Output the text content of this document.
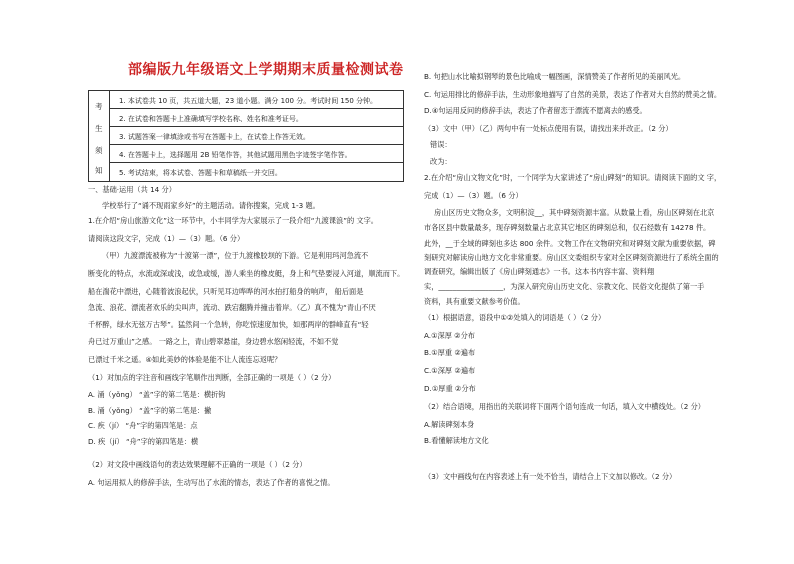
部编版九年级语文上学期期末质量检测试卷
考
生
须
知
1. 本试卷共 10 页，共五道大题，23 道小题。满分 100 分。考试时间 150 分钟。
2. 在试卷和答题卡上准确填写学校名称、姓名和准考证号。
3. 试题答案一律填涂或书写在答题卡上，在试卷上作答无效。
4. 在答题卡上，选择题用 2B 铅笔作答，其他试题用黑色字迹签字笔作答。
5. 考试结束，将本试卷、答题卡和草稿纸一并交回。
一、基础·运用（共 14 分）
学校举行了“诵不现雨家乡好”的主题活动。请你搜案，完成 1-3 题。
1.在介绍“房山旅游文化”这一环节中，小丰同学为大家展示了一段介绍“九渡课浪”的 文字。
请阅读这段文字，完成（1）—（3）题。（6 分）
（甲）九渡漂流被称为“十渡第一漂”，位于九渡橡胶坝的下游。它是利用玛河急流不
断变化的特点，水流或深或浅，或急或缓，游人乘坐的橡皮艇，身上和气垫要浸入河道，顺流而下。
船在湍花中漂进，心随着波浪起伏，只听见耳边哗哗的河水拍打船身的响声， 船后面是
急流、浪花、漂流者欢乐的尖叫声，流动、跌宕翻腾并撞击着岸。（乙）真不愧为“青山不厌
千杯醉，绿水无弦万古琴”。猛然间一个急转，你吃惊速度加快，如那两岸的群峰直有“轻
舟已过万重山”之感。 一路之上，青山碧翠悬崖，身边碧水悠闲轻流，不如不觉
已漂过千米之遥。④如此美妙的体验是能不让人流连忘返呢？
（1）对加点的字注音和画线字笔顺作出判断，全部正确的一项是（ ）（2 分）
A. 涌（yǒng） “盖”字的第二笔是：横折钩
B. 涌（yǒng） “盖”字的第二笔是：撇
C. 疾（jí） “舟”字的第四笔是：点
D. 疾（jí） “舟”字的第四笔是：横
（2）对文段中画线语句的表达效果理解不正确的一项是（ ）（2 分）
A. 句运用拟人的修辞手法，生动写出了水流的情态，表达了作者的喜悦之情。
B. 句把山水比喻拟钢琴的景色比喻成一幅图画，深情赞美了作者所见的美丽风光。
C. 句运用排比的修辞手法，生动形象地描写了自然的美景，表达了作者对大自然的赞美之情。
D.④句运用反问的修辞手法，表达了作者留恋于漂流不愿离去的感受。
（3）文中（甲）（乙）两句中有一处标点使用有误，请找出来并改正。（2 分）
错误：
改为：
2.在介绍“房山文物文化”时，一个同学为大家讲述了“房山碑刻”的知识。请阅读下面的文 字，
完成（1）—（3）题。（6 分）
房山区历史文物众多，文明积淀__，其中碑刻资源丰富。从数量上看，房山区碑刻在北京
市各区县中数量最多，现存碑刻数量占北京其它地区的碑刻总和，仅石经数有 14278 件。
此外，__于全域的碑刻也多达 800 余件。文物工作在文物研究和对碑刻文献为重要依据，碑
刻研究对解读房山地方文化非常重要。房山区文委组织专家对全区碑刻资源进行了系统全面的
调查研究，编辑出版了《房山碑刻通志》一书。这本书内容丰富、资料翔
实，__________________，为深入研究房山历史文化、宗教文化、民俗文化提供了第一手
资料，具有重要文献参考价值。
（1）根据语意，语段中①②处填入的词语是（ ）（2 分）
A.①深厚 ②分布
B.①厚重 ②遍布
C.①深厚 ②遍布
D.①厚重 ②分布
（2）结合语境，用指出的关联词将下面两个语句连成一句话，填入文中横线处。（2 分）
A.解读碑刻本身
B.看懂解读地方文化
（3）文中画线句在内容表述上有一处不恰当，请结合上下文加以修改。（2 分）
